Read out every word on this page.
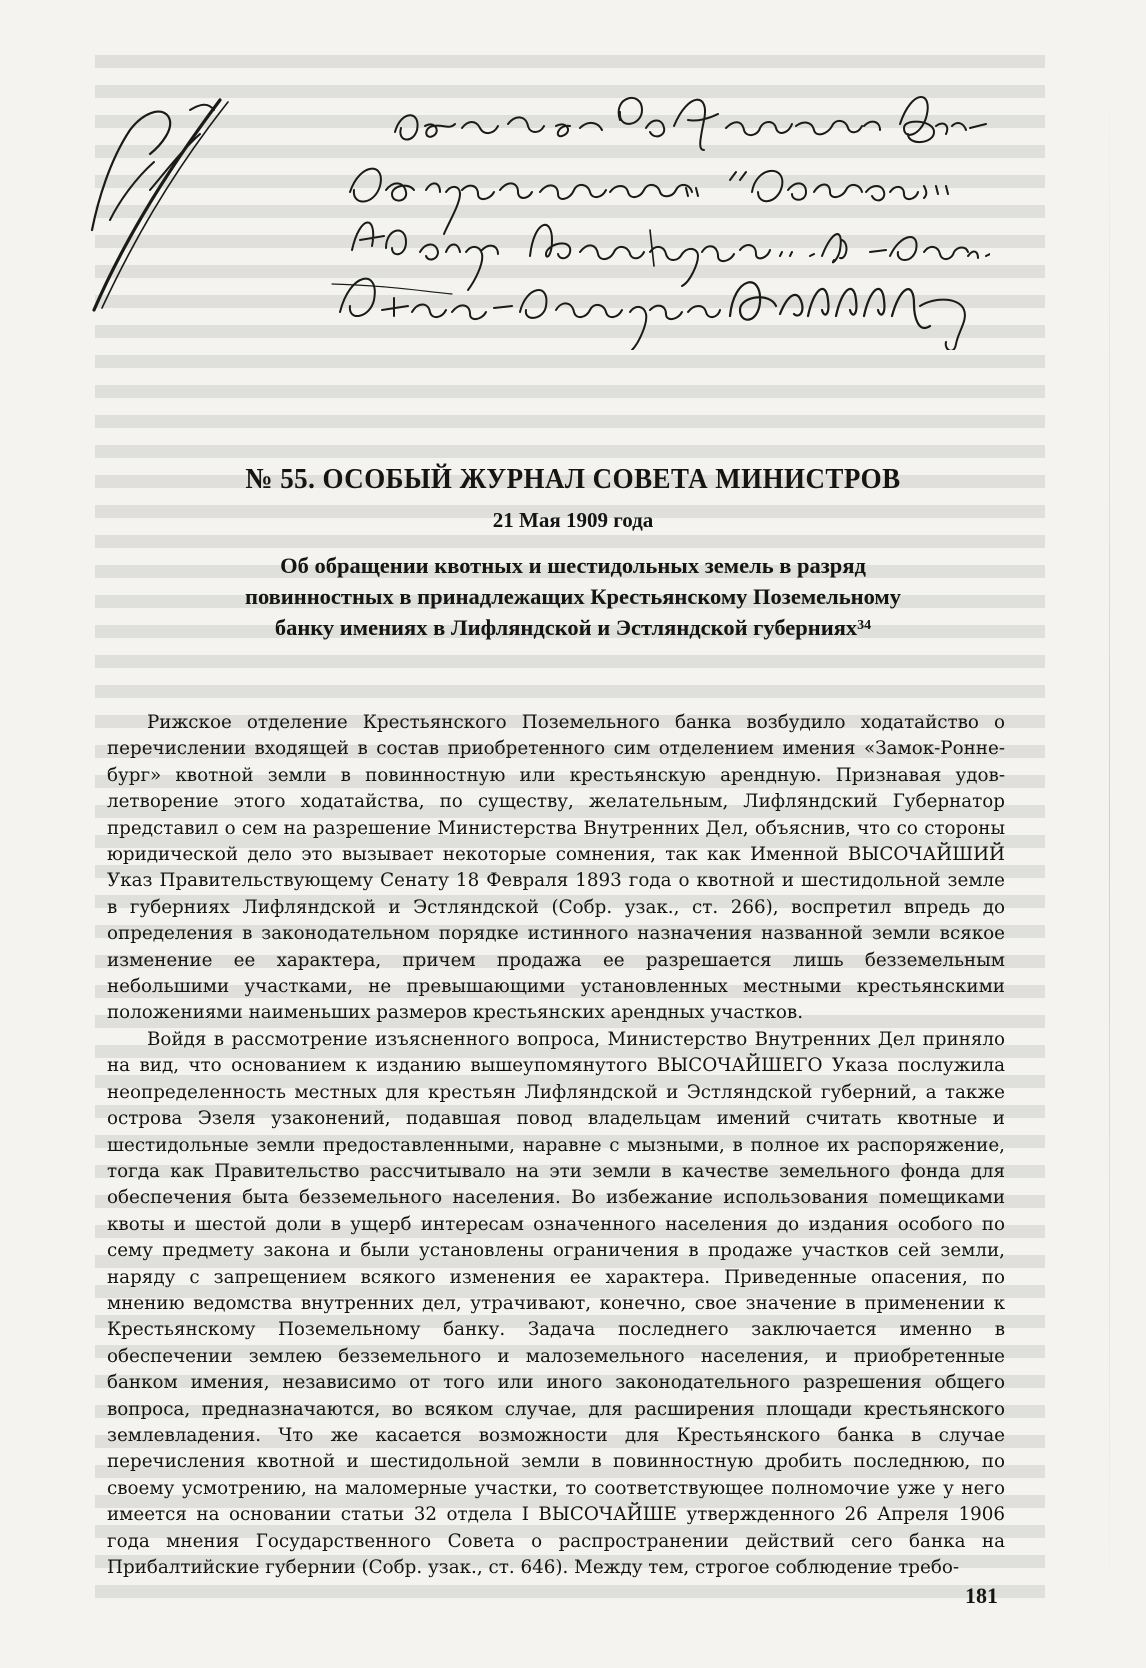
№ 55. ОСОБЫЙ ЖУРНАЛ СОВЕТА МИНИСТРОВ
21 Мая 1909 года
Об обращении квотных и шестидольных земель в разряд
повинностных в принадлежащих Крестьянскому Поземельному
банку имениях в Лифляндской и Эстляндской губерниях$^{34}$

Рижское отделение Крестьянского Поземельного банка возбудило ходатайство о перечислении входящей в состав приобретенного сим отделением имения «Замок-Роннебург» квотной земли в повинностную или крестьянскую арендную. Признавая удовлетворение этого ходатайства, по существу, желательным, Лифляндский Губернатор представил о сем на разрешение Министерства Внутренних Дел, объяснив, что со стороны юридической дело это вызывает некоторые сомнения, так как Именной ВЫСОЧАЙШИЙ Указ Правительствующему Сенату 18 Февраля 1893 года о квотной и шестидольной земле в губерниях Лифляндской и Эстляндской (Собр. узак., ст. 266), воспретил впредь до определения в законодательном порядке истинного назначения названной земли всякое изменение ее характера, причем продажа ее разрешается лишь безземельным небольшими участками, не превышающими установленных местными крестьянскими положениями наименьших размеров крестьянских арендных участков.

Войдя в рассмотрение изъясненного вопроса, Министерство Внутренних Дел приняло на вид, что основанием к изданию вышеупомянутого ВЫСОЧАЙШЕГО Указа послужила неопределенность местных для крестьян Лифляндской и Эстляндской губерний, а также острова Эзеля узаконений, подавшая повод владельцам имений считать квотные и шестидольные земли предоставленными, наравне с мызными, в полное их распоряжение, тогда как Правительство рассчитывало на эти земли в качестве земельного фонда для обеспечения быта безземельного населения. Во избежание использования помещиками квоты и шестой доли в ущерб интересам означенного населения до издания особого по сему предмету закона и были установлены ограничения в продаже участков сей земли, наряду с запрещением всякого изменения ее характера. Приведенные опасения, по мнению ведомства внутренних дел, утрачивают, конечно, свое значение в применении к Крестьянскому Поземельному банку. Задача последнего заключается именно в обеспечении землею безземельного и малоземельного населения, и приобретенные банком имения, независимо от того или иного законодательного разрешения общего вопроса, предназначаются, во всяком случае, для расширения площади крестьянского землевладения. Что же касается возможности для Крестьянского банка в случае перечисления квотной и шестидольной земли в повинностную дробить последнюю, по своему усмотрению, на маломерные участки, то соответствующее полномочие уже у него имеется на основании статьи 32 отдела I ВЫСОЧАЙШЕ утвержденного 26 Апреля 1906 года мнения Государственного Совета о распространении действий сего банка на Прибалтийские губернии (Собр. узак., ст. 646). Между тем, строгое соблюдение требо-

181
